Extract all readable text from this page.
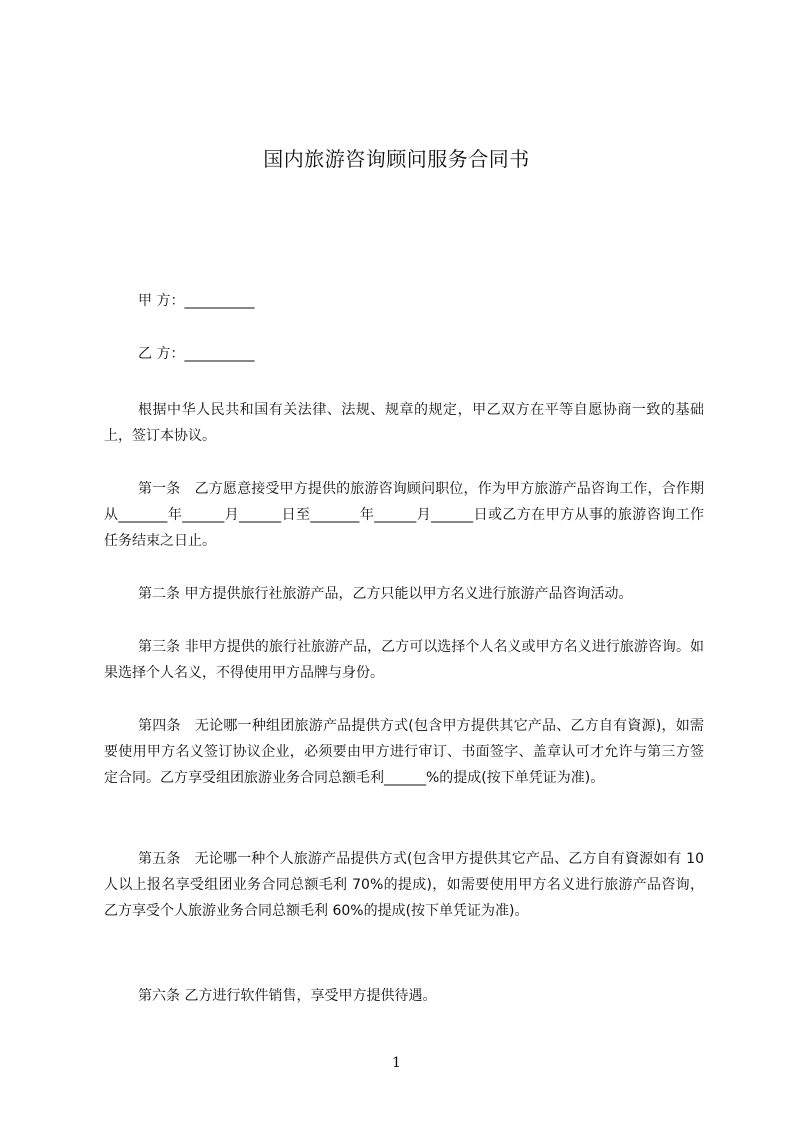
国内旅游咨询顾问服务合同书
甲 方：__________
乙 方：__________
根据中华人民共和国有关法律、法规、规章的规定，甲乙双方在平等自愿协商一致的基础上，签订本协议。
第一条　乙方愿意接受甲方提供的旅游咨询顾问职位，作为甲方旅游产品咨询工作，合作期从_______年______月______日至_______年______月______日或乙方在甲方从事的旅游咨询工作任务结束之日止。
第二条 甲方提供旅行社旅游产品，乙方只能以甲方名义进行旅游产品咨询活动。
第三条 非甲方提供的旅行社旅游产品，乙方可以选择个人名义或甲方名义进行旅游咨询。如果选择个人名义，不得使用甲方品牌与身份。
第四条　无论哪一种组团旅游产品提供方式(包含甲方提供其它产品、乙方自有資源)，如需要使用甲方名义签订协议企业，必须要由甲方进行审订、书面签字、盖章认可才允许与第三方签定合同。乙方享受组团旅游业务合同总额毛利______%的提成(按下单凭证为准)。
第五条　无论哪一种个人旅游产品提供方式(包含甲方提供其它产品、乙方自有資源如有 10 人以上报名享受组团业务合同总额毛利 70%的提成)，如需要使用甲方名义进行旅游产品咨询，乙方享受个人旅游业务合同总额毛利 60%的提成(按下单凭证为准)。
第六条 乙方进行软件销售，享受甲方提供待遇。
1
